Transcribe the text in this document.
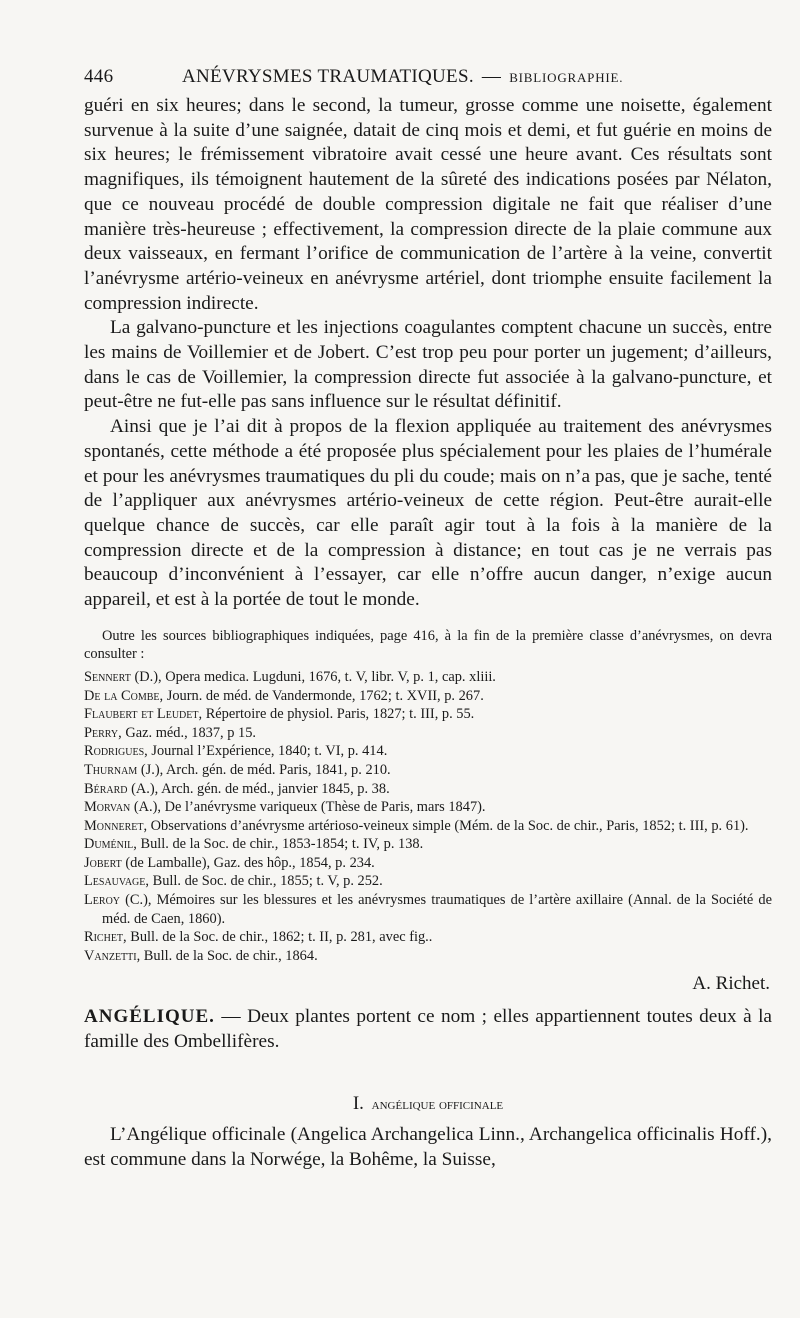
446	ANÉVRYSMES TRAUMATIQUES. — BIBLIOGRAPHIE.

guéri en six heures; dans le second, la tumeur, grosse comme une noisette, également survenue à la suite d’une saignée, datait de cinq mois et demi, et fut guérie en moins de six heures; le frémissement vibratoire avait cessé une heure avant. Ces résultats sont magnifiques, ils témoignent hautement de la sûreté des indications posées par Nélaton, que ce nouveau procédé de double compression digitale ne fait que réaliser d’une manière très-heureuse ; effectivement, la compression directe de la plaie commune aux deux vaisseaux, en fermant l’orifice de communication de l’artère à la veine, convertit l’anévrysme artério-veineux en anévrysme artériel, dont triomphe ensuite facilement la compression indirecte.

La galvano-puncture et les injections coagulantes comptent chacune un succès, entre les mains de Voillemier et de Jobert. C’est trop peu pour porter un jugement; d’ailleurs, dans le cas de Voillemier, la compression directe fut associée à la galvano-puncture, et peut-être ne fut-elle pas sans influence sur le résultat définitif.

Ainsi que je l’ai dit à propos de la flexion appliquée au traitement des anévrysmes spontanés, cette méthode a été proposée plus spécialement pour les plaies de l’humérale et pour les anévrysmes traumatiques du pli du coude; mais on n’a pas, que je sache, tenté de l’appliquer aux anévrysmes artério-veineux de cette région. Peut-être aurait-elle quelque chance de succès, car elle paraît agir tout à la fois à la manière de la compression directe et de la compression à distance; en tout cas je ne verrais pas beaucoup d’inconvénient à l’essayer, car elle n’offre aucun danger, n’exige aucun appareil, et est à la portée de tout le monde.

Outre les sources bibliographiques indiquées, page 416, à la fin de la première classe d’anévrysmes, on devra consulter :

Sennert (D.), Opera medica. Lugduni, 1676, t. V, libr. V, p. 1, cap. xliii.

De la Combe, Journ. de méd. de Vandermonde, 1762; t. XVII, p. 267.

Flaubert et Leudet, Répertoire de physiol. Paris, 1827; t. III, p. 55.

Perry, Gaz. méd., 1837, p 15.

Rodrigues, Journal l’Expérience, 1840; t. VI, p. 414.

Thurnam (J.), Arch. gén. de méd. Paris, 1841, p. 210.

Bérard (A.), Arch. gén. de méd., janvier 1845, p. 38.

Morvan (A.), De l’anévrysme variqueux (Thèse de Paris, mars 1847).

Monneret, Observations d’anévrysme artérioso-veineux simple (Mém. de la Soc. de chir., Paris, 1852; t. III, p. 61).

Duménil, Bull. de la Soc. de chir., 1853-1854; t. IV, p. 138.

Jobert (de Lamballe), Gaz. des hôp., 1854, p. 234.

Lesauvage, Bull. de Soc. de chir., 1855; t. V, p. 252.

Leroy (C.), Mémoires sur les blessures et les anévrysmes traumatiques de l’artère axillaire (Annal. de la Société de méd. de Caen, 1860).

Richet, Bull. de la Soc. de chir., 1862; t. II, p. 281, avec fig..

Vanzetti, Bull. de la Soc. de chir., 1864.

A. Richet.
ANGÉLIQUE. — Deux plantes portent ce nom ; elles appartiennent toutes deux à la famille des Ombellifères.
I. angélique officinale

L’Angélique officinale (Angelica Archangelica Linn., Archangelica officinalis Hoff.), est commune dans la Norwége, la Bohême, la Suisse,
